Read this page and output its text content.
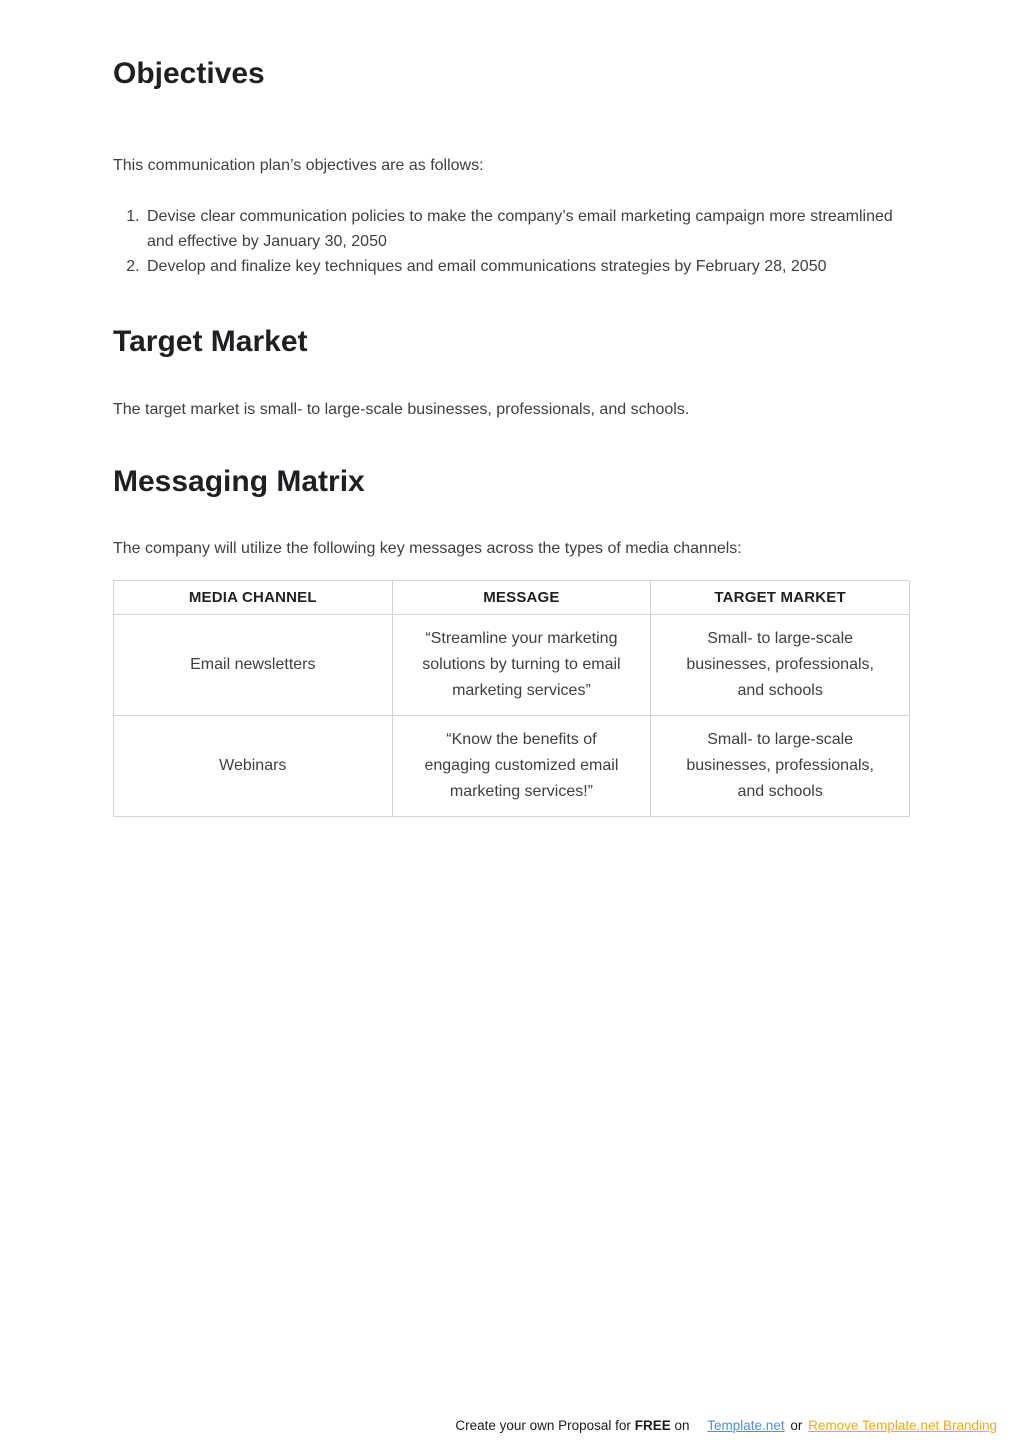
Objectives

This communication plan’s objectives are as follows:

1. Devise clear communication policies to make the company’s email marketing campaign more streamlined and effective by January 30, 2050
2. Develop and finalize key techniques and email communications strategies by February 28, 2050
Target Market

The target market is small- to large-scale businesses, professionals, and schools.

Messaging Matrix

The company will utilize the following key messages across the types of media channels:

MEDIA CHANNEL	MESSAGE	TARGET MARKET
Email newsletters	“Streamline your marketing solutions by turning to email marketing services”	Small- to large-scale businesses, professionals, and schools
Webinars	“Know the benefits of engaging customized email marketing services!”	Small- to large-scale businesses, professionals, and schools
Create your own Proposal for FREE on Template.net or Remove Template.net Branding
